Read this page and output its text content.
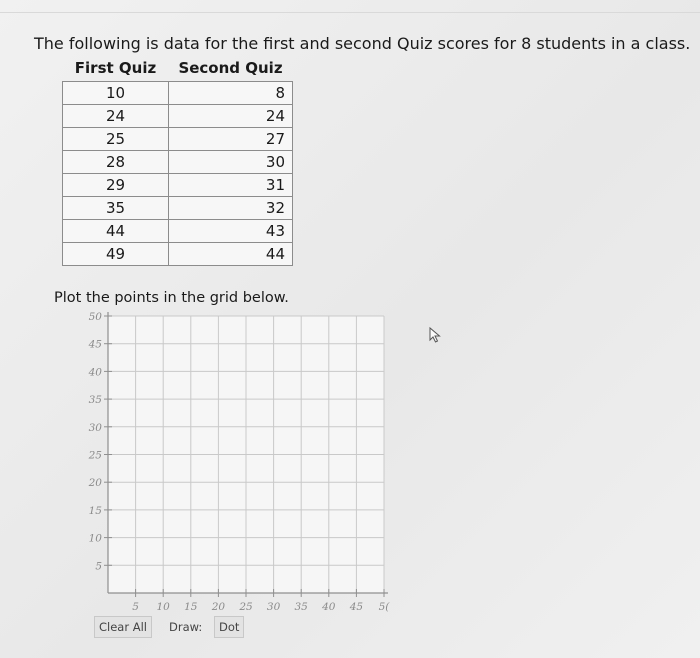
The following is data for the first and second Quiz scores for 8 students in a class.
First Quiz	Second Quiz
10	8
24	24
25	27
28	30
29	31
35	32
44	43
49	44
Plot the points in the grid below.
5 10 15 20 25 30 35 40 45 5(
5
10
15
20
25
30
35
40
45
50
Clear All	Draw:	Dot
